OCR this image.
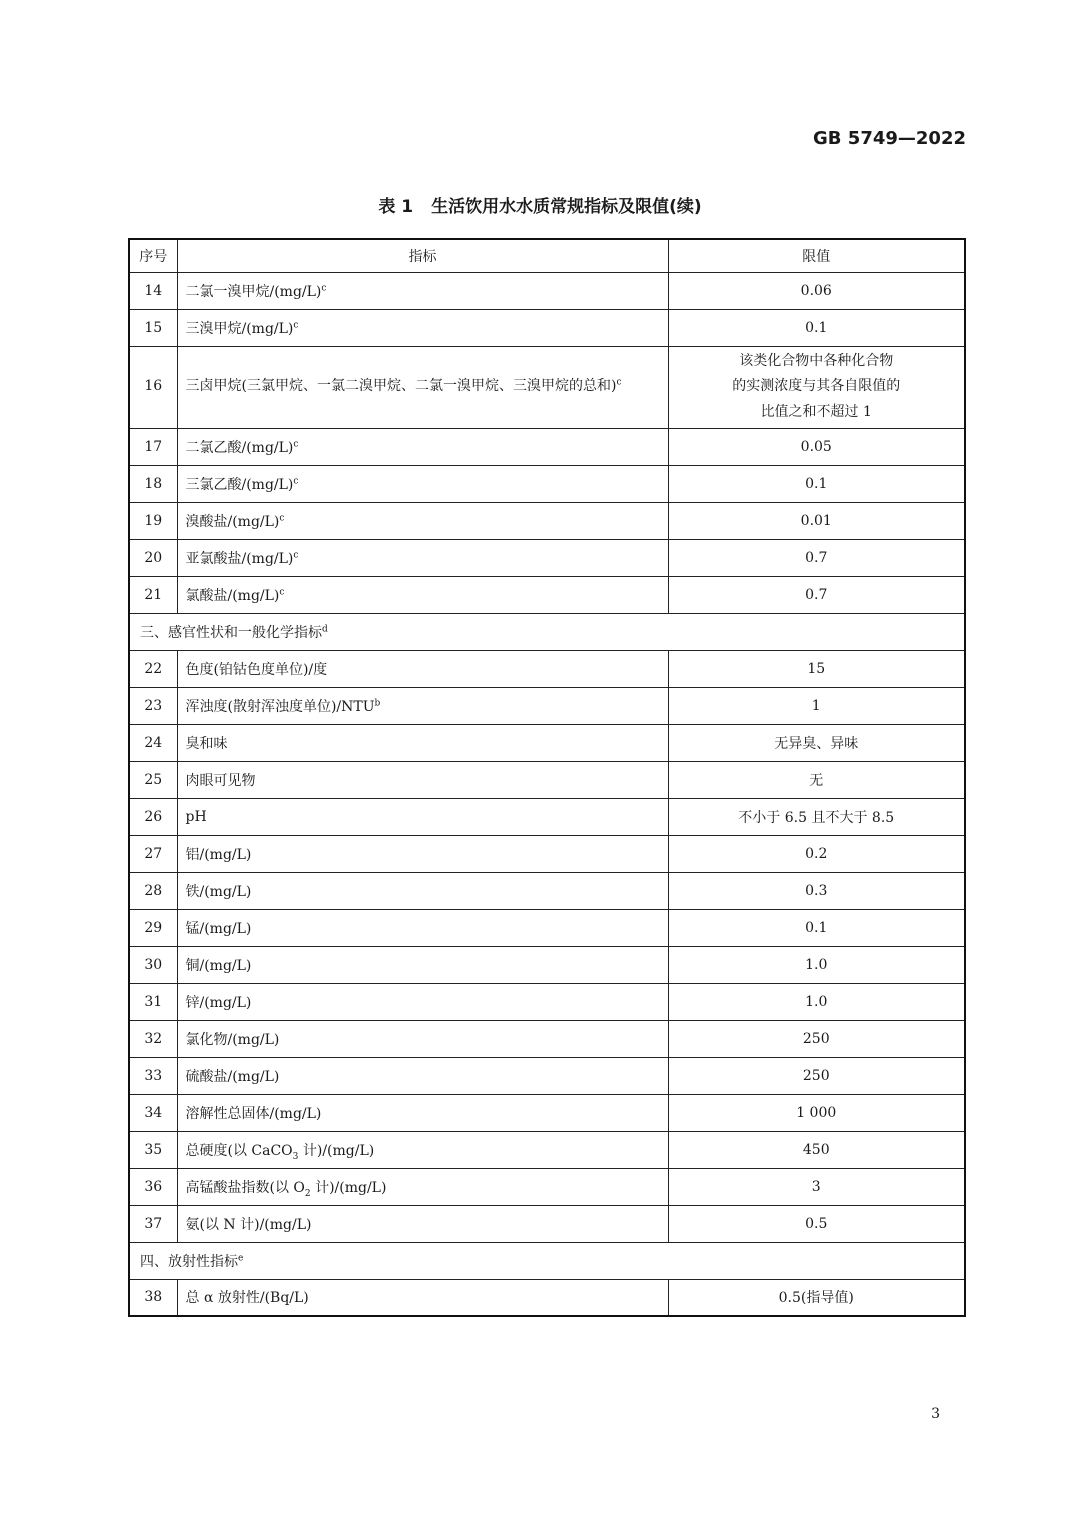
GB 5749—2022
表 1 生活饮用水水质常规指标及限值(续)
序号	指标	限值
14	二氯一溴甲烷$/(mg/L)^c$	0.06
15	三溴甲烷$/(mg/L)^c$	0.1
16	三卤甲烷(三氯甲烷、一氯二溴甲烷、二氯一溴甲烷、三溴甲烷的总和)$^c$	该类化合物中各种化合物
的实测浓度与其各自限值的
比值之和不超过 1

17	二氯乙酸$/(mg/L)^c$	0.05
18	三氯乙酸$/(mg/L)^c$	0.1
19	溴酸盐$/(mg/L)^c$	0.01
20	亚氯酸盐$/(mg/L)^c$	0.7
21	氯酸盐$/(mg/L)^c$	0.7
三、感官性状和一般化学指标$^d$
22	色度(铂钴色度单位)/度	15
23	浑浊度(散射浑浊度单位)/NTU$^b$	1
24	臭和味	无异臭、异味
25	肉眼可见物	无
26	pH	不小于 6.5 且不大于 8.5
27	铝/(mg/L)	0.2
28	铁/(mg/L)	0.3
29	锰/(mg/L)	0.1
30	铜/(mg/L)	1.0
31	锌/(mg/L)	1.0
32	氯化物/(mg/L)	250
33	硫酸盐/(mg/L)	250
34	溶解性总固体/(mg/L)	1 000
35	总硬度(以 CaCO$_3$ 计)/(mg/L)	450
36	高锰酸盐指数(以 $O_2$ 计)/(mg/L)	3
37	氨(以 N 计)/(mg/L)	0.5
四、放射性指标$^e$
38	总 α 放射性/(Bq/L)	0.5(指导值)
3
